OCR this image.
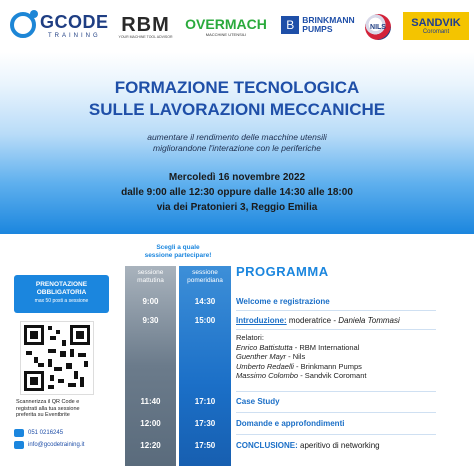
GCODE
TRAINING RBM
YOUR MACHINE TOOL ADVISOR
OVERMACH
MACCHINE UTENSILI
B BRINKMANN
PUMPS	NILS	SANDVIK
Coromant
FORMAZIONE TECNOLOGICA
SULLE LAVORAZIONI MECCANICHE
aumentare il rendimento delle macchine utensili
migliorandone l'interazione con le periferiche
Mercoledì 16 novembre 2022
dalle 9:00 alle 12:30 oppure dalle 14:30 alle 18:00
via dei Pratonieri 3, Reggio Emilia
PRENOTAZIONE
OBBLIGATORIA
max 50 posti a sessione
Scannerizza il QR Code e
registrati alla tua sessione
preferita su Eventbrite
051 0216245
info@gcodetraining.it
Scegli a quale
sessione partecipare!
sessione
mattutina
9:00
9:30
11:40
12:00
12:20
sessione
pomeridiana
14:30
15:00
17:10
17:30
17:50
PROGRAMMA
Welcome e registrazione
Introduzione: moderatrice - Daniela Tommasi
Relatori:
Enrico Battistutta - RBM International
Guenther Mayr - Nils
Umberto Redaelli - Brinkmann Pumps
Massimo Colombo - Sandvik Coromant
Case Study
Domande e approfondimenti
CONCLUSIONE: aperitivo di networking
